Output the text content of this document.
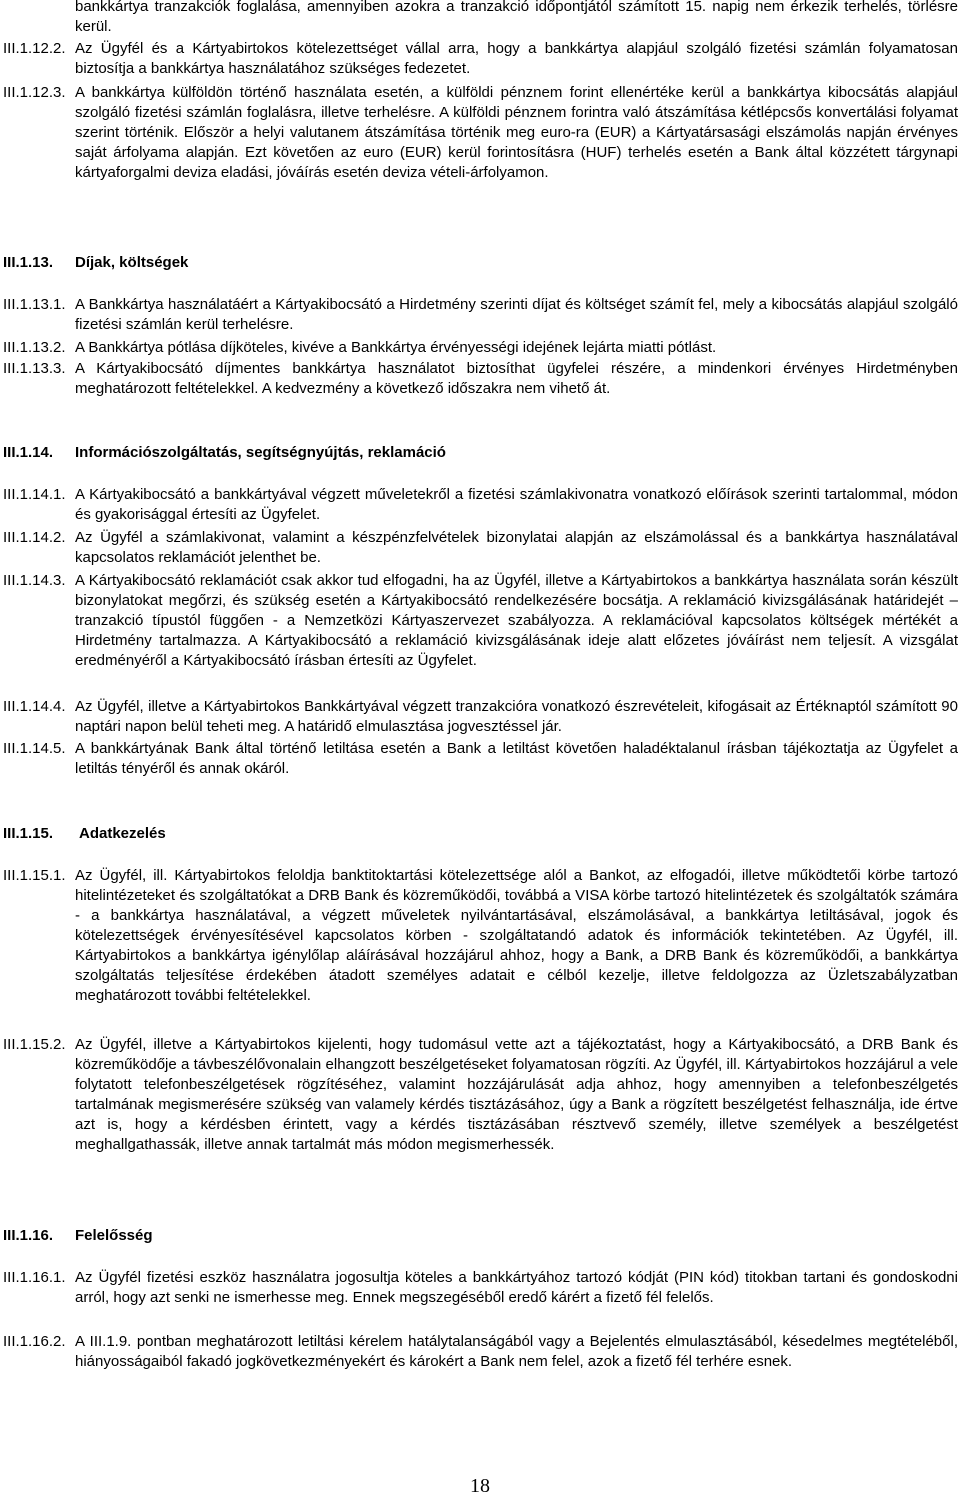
bankkártya tranzakciók foglalása, amennyiben azokra a tranzakció időpontjától számított 15. napig nem érkezik terhelés, törlésre kerül.
III.1.12.2. Az Ügyfél és a Kártyabirtokos kötelezettséget vállal arra, hogy a bankkártya alapjául szolgáló fizetési számlán folyamatosan biztosítja a bankkártya használatához szükséges fedezetet.
III.1.12.3. A bankkártya külföldön történő használata esetén, a külföldi pénznem forint ellenértéke kerül a bankkártya kibocsátás alapjául szolgáló fizetési számlán foglalásra, illetve terhelésre. A külföldi pénznem forintra való átszámítása kétlépcsős konvertálási folyamat szerint történik. Először a helyi valutanem átszámítása történik meg euro-ra (EUR) a Kártyatársasági elszámolás napján érvényes saját árfolyama alapján. Ezt követően az euro (EUR) kerül forintosításra (HUF) terhelés esetén a Bank által közzétett tárgynapi kártyaforgalmi deviza eladási, jóváírás esetén deviza vételi-árfolyamon.
III.1.13. Díjak, költségek
III.1.13.1. A Bankkártya használatáért a Kártyakibocsátó a Hirdetmény szerinti díjat és költséget számít fel, mely a kibocsátás alapjául szolgáló fizetési számlán kerül terhelésre.
III.1.13.2. A Bankkártya pótlása díjköteles, kivéve a Bankkártya érvényességi idejének lejárta miatti pótlást.
III.1.13.3. A Kártyakibocsátó díjmentes bankkártya használatot biztosíthat ügyfelei részére, a mindenkori érvényes Hirdetményben meghatározott feltételekkel. A kedvezmény a következő időszakra nem vihető át.
III.1.14. Információszolgáltatás, segítségnyújtás, reklamáció
III.1.14.1. A Kártyakibocsátó a bankkártyával végzett műveletekről a fizetési számlakivonatra vonatkozó előírások szerinti tartalommal, módon és gyakorisággal értesíti az Ügyfelet.
III.1.14.2. Az Ügyfél a számlakivonat, valamint a készpénzfelvételek bizonylatai alapján az elszámolással és a bankkártya használatával kapcsolatos reklamációt jelenthet be.
III.1.14.3. A Kártyakibocsátó reklamációt csak akkor tud elfogadni, ha az Ügyfél, illetve a Kártyabirtokos a bankkártya használata során készült bizonylatokat megőrzi, és szükség esetén a Kártyakibocsátó rendelkezésére bocsátja. A reklamáció kivizsgálásának határidejét – tranzakció típustól függően - a Nemzetközi Kártyaszervezet szabályozza. A reklamációval kapcsolatos költségek mértékét a Hirdetmény tartalmazza. A Kártyakibocsátó a reklamáció kivizsgálásának ideje alatt előzetes jóváírást nem teljesít. A vizsgálat eredményéről a Kártyakibocsátó írásban értesíti az Ügyfelet.
III.1.14.4. Az Ügyfél, illetve a Kártyabirtokos Bankkártyával végzett tranzakcióra vonatkozó észrevételeit, kifogásait az Értéknaptól számított 90 naptári napon belül teheti meg. A határidő elmulasztása jogvesztéssel jár.
III.1.14.5. A bankkártyának Bank által történő letiltása esetén a Bank a letiltást követően haladéktalanul írásban tájékoztatja az Ügyfelet a letiltás tényéről és annak okáról.
III.1.15. Adatkezelés
III.1.15.1. Az Ügyfél, ill. Kártyabirtokos feloldja banktitoktartási kötelezettsége alól a Bankot, az elfogadói, illetve működtetői körbe tartozó hitelintézeteket és szolgáltatókat a DRB Bank és közreműködői, továbbá a VISA körbe tartozó hitelintézetek és szolgáltatók számára - a bankkártya használatával, a végzett műveletek nyilvántartásával, elszámolásával, a bankkártya letiltásával, jogok és kötelezettségek érvényesítésével kapcsolatos körben - szolgáltatandó adatok és információk tekintetében. Az Ügyfél, ill. Kártyabirtokos a bankkártya igénylőlap aláírásával hozzájárul ahhoz, hogy a Bank, a DRB Bank és közreműködői, a bankkártya szolgáltatás teljesítése érdekében átadott személyes adatait e célból kezelje, illetve feldolgozza az Üzletszabályzatban meghatározott további feltételekkel.
III.1.15.2. Az Ügyfél, illetve a Kártyabirtokos kijelenti, hogy tudomásul vette azt a tájékoztatást, hogy a Kártyakibocsátó, a DRB Bank és közreműködője a távbeszélővonalain elhangzott beszélgetéseket folyamatosan rögzíti. Az Ügyfél, ill. Kártyabirtokos hozzájárul a vele folytatott telefonbeszélgetések rögzítéséhez, valamint hozzájárulását adja ahhoz, hogy amennyiben a telefonbeszélgetés tartalmának megismerésére szükség van valamely kérdés tisztázásához, úgy a Bank a rögzített beszélgetést felhasználja, ide értve azt is, hogy a kérdésben érintett, vagy a kérdés tisztázásában résztvevő személy, illetve személyek a beszélgetést meghallgathassák, illetve annak tartalmát más módon megismerhessék.
III.1.16. Felelősség
III.1.16.1. Az Ügyfél fizetési eszköz használatra jogosultja köteles a bankkártyához tartozó kódját (PIN kód) titokban tartani és gondoskodni arról, hogy azt senki ne ismerhesse meg. Ennek megszegéséből eredő kárért a fizető fél felelős.
III.1.16.2. A III.1.9. pontban meghatározott letiltási kérelem hatálytalanságából vagy a Bejelentés elmulasztásából, késedelmes megtételéből, hiányosságaiból fakadó jogkövetkezményekért és károkért a Bank nem felel, azok a fizető fél terhére esnek.
18
